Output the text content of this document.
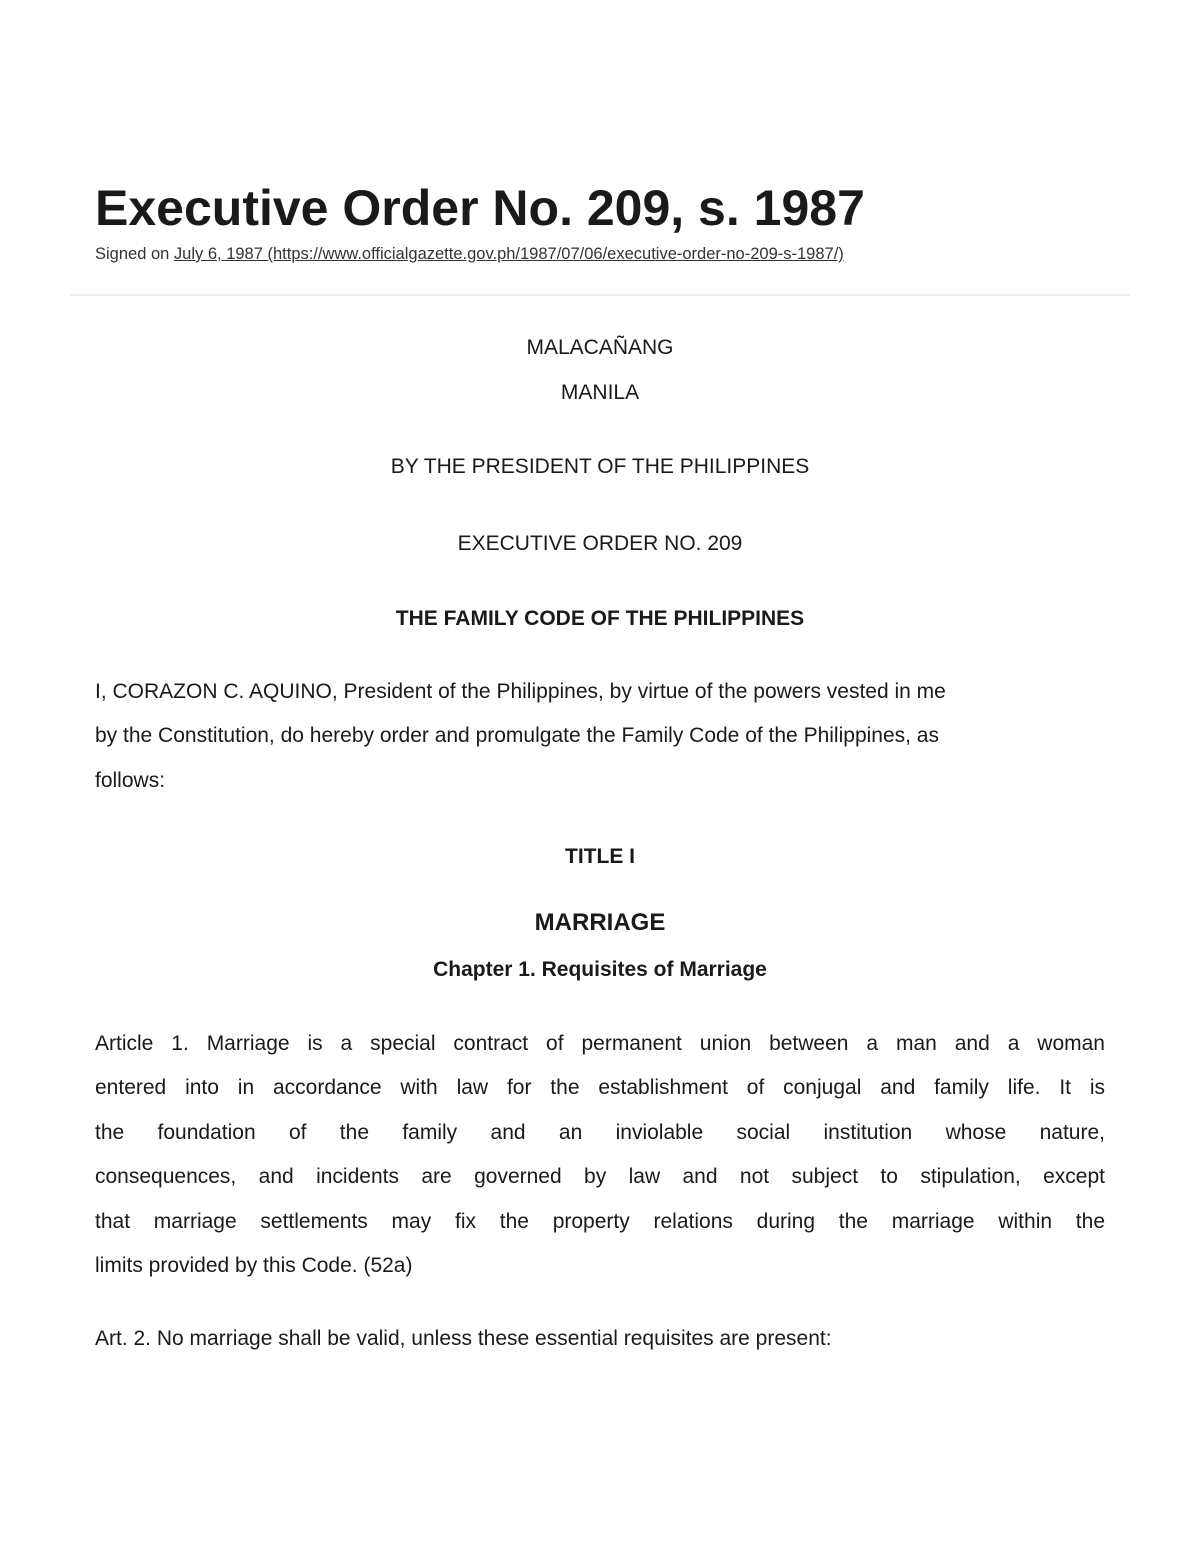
Executive Order No. 209, s. 1987
Signed on July 6, 1987 (https://www.officialgazette.gov.ph/1987/07/06/executive-order-no-209-s-1987/)
MALACAÑANG
MANILA
BY THE PRESIDENT OF THE PHILIPPINES
EXECUTIVE ORDER NO. 209
THE FAMILY CODE OF THE PHILIPPINES
I, CORAZON C. AQUINO, President of the Philippines, by virtue of the powers vested in me
by the Constitution, do hereby order and promulgate the Family Code of the Philippines, as
follows:
TITLE I
MARRIAGE
Chapter 1. Requisites of Marriage
Article 1. Marriage is a special contract of permanent union between a man and a woman
entered into in accordance with law for the establishment of conjugal and family life. It is
the foundation of the family and an inviolable social institution whose nature,
consequences, and incidents are governed by law and not subject to stipulation, except
that marriage settlements may fix the property relations during the marriage within the
limits provided by this Code. (52a)
Art. 2. No marriage shall be valid, unless these essential requisites are present:
